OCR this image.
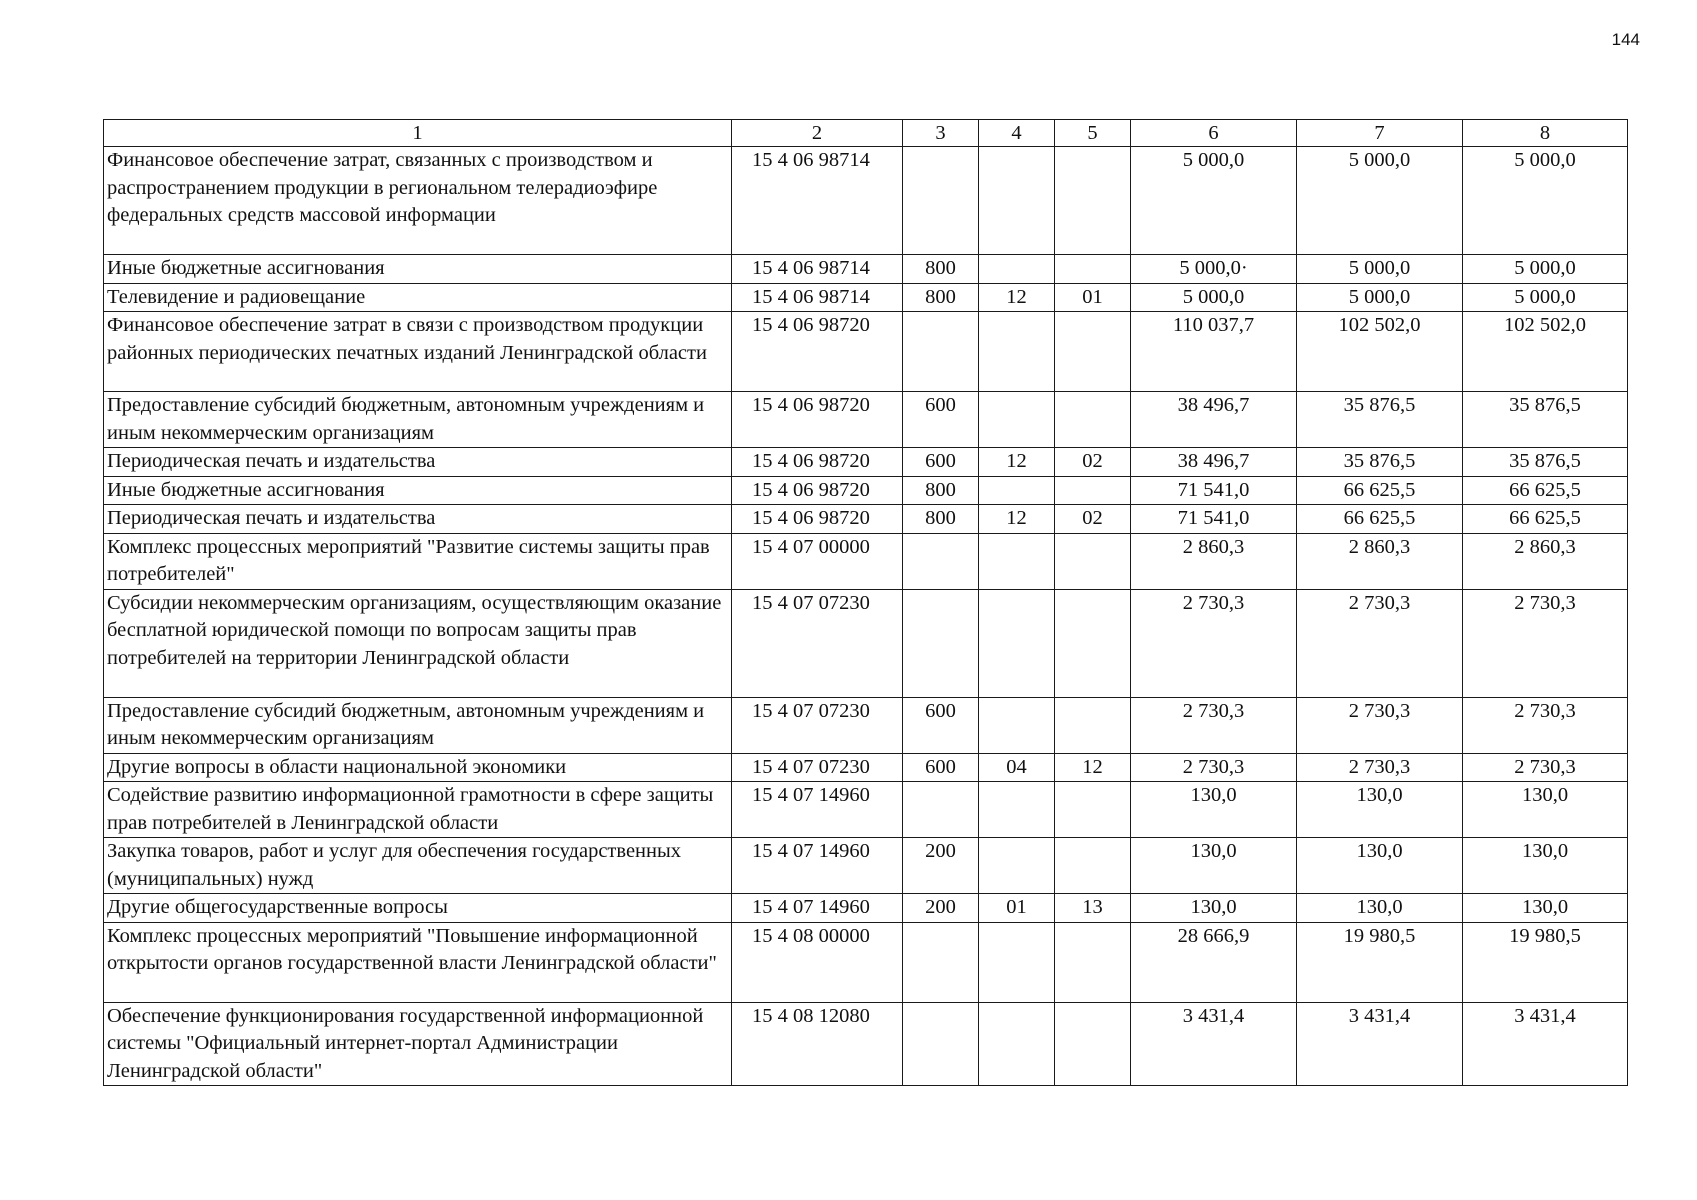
144
1	2	3	4	5	6	7	8
Финансовое обеспечение затрат, связанных с производством и распространением продукции в региональном телерадиоэфире федеральных средств массовой информации	15 4 06 98714				5 000,0	5 000,0	5 000,0
Иные бюджетные ассигнования	15 4 06 98714	800			5 000,0·	5 000,0	5 000,0
Телевидение и радиовещание	15 4 06 98714	800	12	01	5 000,0	5 000,0	5 000,0
Финансовое обеспечение затрат в связи с производством продукции районных периодических печатных изданий Ленинградской области	15 4 06 98720				110 037,7	102 502,0	102 502,0
Предоставление субсидий бюджетным, автономным учреждениям и иным некоммерческим организациям	15 4 06 98720	600			38 496,7	35 876,5	35 876,5
Периодическая печать и издательства	15 4 06 98720	600	12	02	38 496,7	35 876,5	35 876,5
Иные бюджетные ассигнования	15 4 06 98720	800			71 541,0	66 625,5	66 625,5
Периодическая печать и издательства	15 4 06 98720	800	12	02	71 541,0	66 625,5	66 625,5
Комплекс процессных мероприятий "Развитие системы защиты прав потребителей"	15 4 07 00000				2 860,3	2 860,3	2 860,3
Субсидии некоммерческим организациям, осуществляющим оказание бесплатной юридической помощи по вопросам защиты прав потребителей на территории Ленинградской области	15 4 07 07230				2 730,3	2 730,3	2 730,3
Предоставление субсидий бюджетным, автономным учреждениям и иным некоммерческим организациям	15 4 07 07230	600			2 730,3	2 730,3	2 730,3
Другие вопросы в области национальной экономики	15 4 07 07230	600	04	12	2 730,3	2 730,3	2 730,3
Содействие развитию информационной грамотности в сфере защиты прав потребителей в Ленинградской области	15 4 07 14960				130,0	130,0	130,0
Закупка товаров, работ и услуг для обеспечения государственных (муниципальных) нужд	15 4 07 14960	200			130,0	130,0	130,0
Другие общегосударственные вопросы	15 4 07 14960	200	01	13	130,0	130,0	130,0
Комплекс процессных мероприятий "Повышение информационной открытости органов государственной власти Ленинградской области"	15 4 08 00000				28 666,9	19 980,5	19 980,5
Обеспечение функционирования государственной информационной системы "Официальный интернет-портал Администрации Ленинградской области"	15 4 08 12080				3 431,4	3 431,4	3 431,4
